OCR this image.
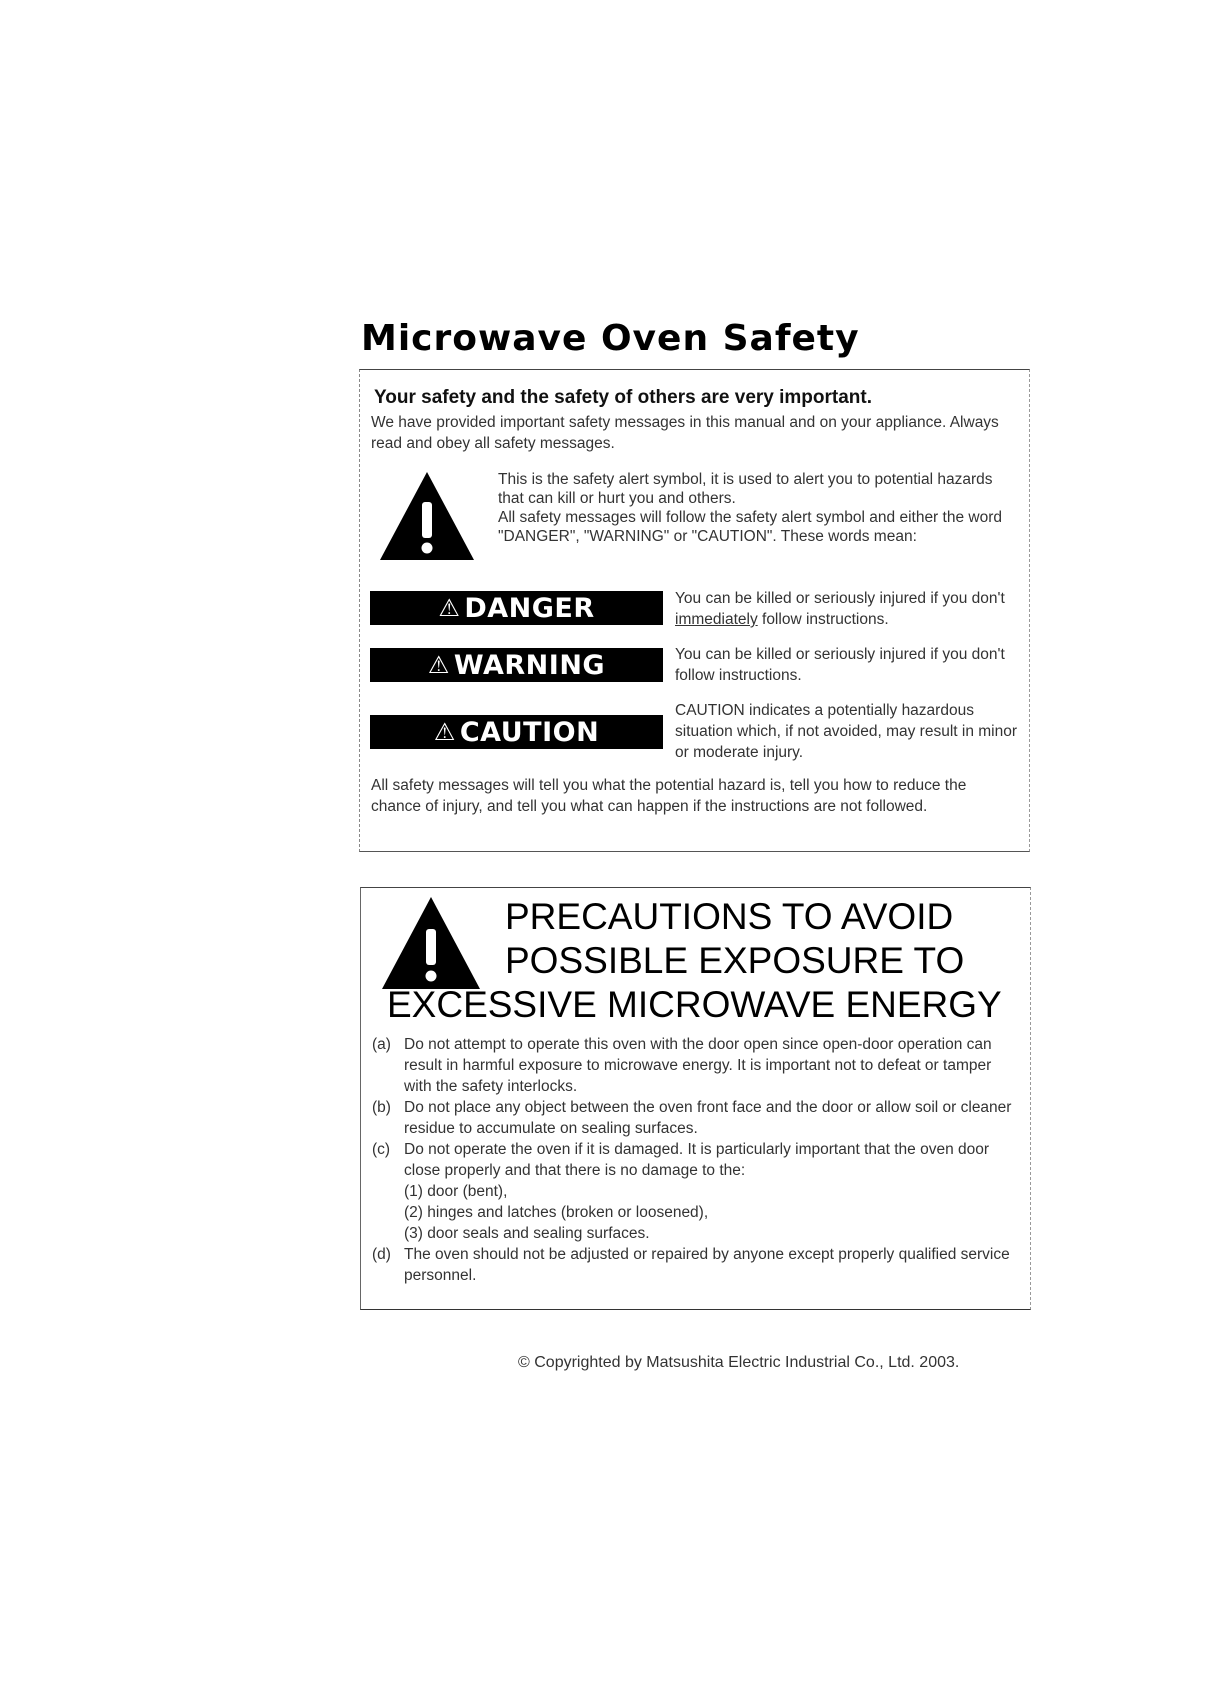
Microwave Oven Safety
Your safety and the safety of others are very important.
We have provided important safety messages in this manual and on your appliance. Always read and obey all safety messages.
This is the safety alert symbol, it is used to alert you to potential hazards that can kill or hurt you and others.
All safety messages will follow the safety alert symbol and either the word "DANGER", "WARNING" or "CAUTION". These words mean:
⚠ DANGER	You can be killed or seriously injured if you don't immediately follow instructions.
⚠ WARNING	You can be killed or seriously injured if you don't follow instructions.
⚠ CAUTION
CAUTION indicates a potentially hazardous situation which, if not avoided, may result in minor or moderate injury.
All safety messages will tell you what the potential hazard is, tell you how to reduce the chance of injury, and tell you what can happen if the instructions are not followed.
PRECAUTIONS TO AVOID
POSSIBLE EXPOSURE TO
EXCESSIVE MICROWAVE ENERGY
(a) Do not attempt to operate this oven with the door open since open-door operation can result in harmful exposure to microwave energy. It is important not to defeat or tamper with the safety interlocks.
(b) Do not place any object between the oven front face and the door or allow soil or cleaner residue to accumulate on sealing surfaces.
(c) Do not operate the oven if it is damaged. It is particularly important that the oven door close properly and that there is no damage to the:
(1) door (bent),
(2) hinges and latches (broken or loosened),
(3) door seals and sealing surfaces.
(d) The oven should not be adjusted or repaired by anyone except properly qualified service personnel.
© Copyrighted by Matsushita Electric Industrial Co., Ltd. 2003.
